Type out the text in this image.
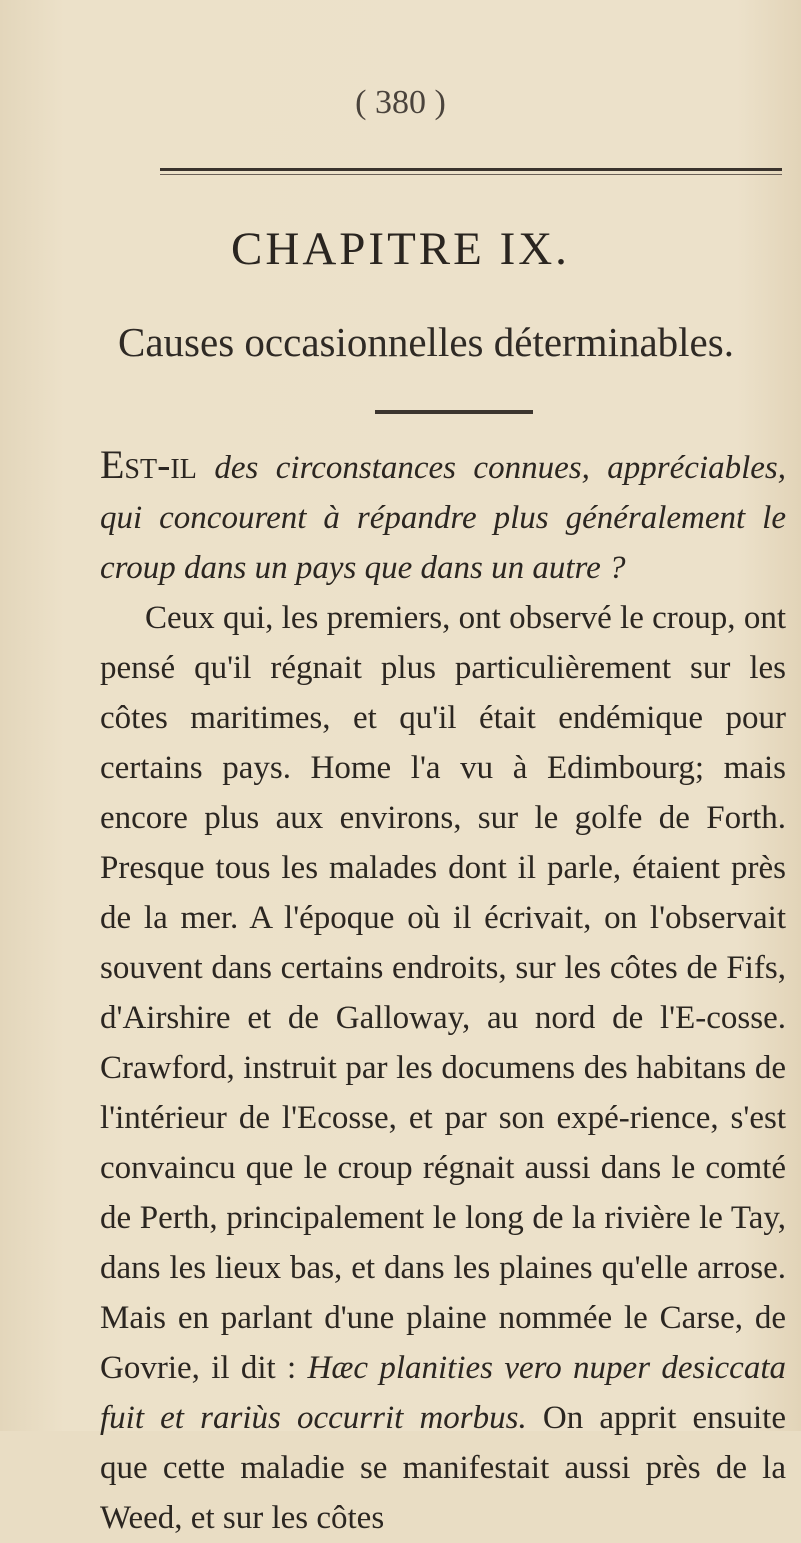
( 380 )
CHAPITRE IX.
Causes occasionnelles déterminables.

Est-il des circonstances connues, appréciables, qui concourent à répandre plus généralement le croup dans un pays que dans un autre ?

Ceux qui, les premiers, ont observé le croup, ont pensé qu'il régnait plus particulièrement sur les côtes maritimes, et qu'il était endémique pour certains pays. Home l'a vu à Edimbourg; mais encore plus aux environs, sur le golfe de Forth. Presque tous les malades dont il parle, étaient près de la mer. A l'époque où il écrivait, on l'observait souvent dans certains endroits, sur les côtes de Fifs, d'Airshire et de Galloway, au nord de l'E-cosse. Crawford, instruit par les documens des habitans de l'intérieur de l'Ecosse, et par son expé-rience, s'est convaincu que le croup régnait aussi dans le comté de Perth, principalement le long de la rivière le Tay, dans les lieux bas, et dans les plaines qu'elle arrose. Mais en parlant d'une plaine nommée le Carse, de Govrie, il dit : Hæc planities vero nuper desiccata fuit et rariùs occurrit morbus. On apprit ensuite que cette maladie se manifestait aussi près de la Weed, et sur les côtes
